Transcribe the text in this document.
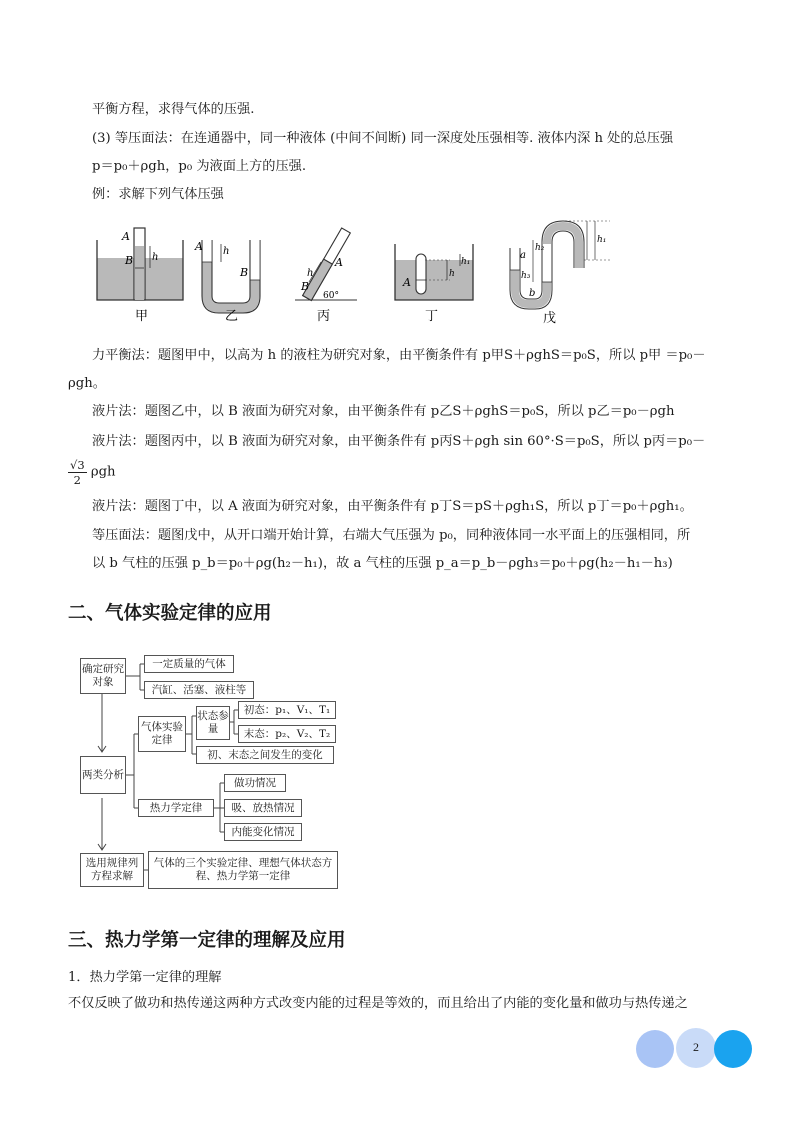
平衡方程，求得气体的压强.
(3) 等压面法：在连通器中，同一种液体 (中间不间断) 同一深度处压强相等. 液体内深 h 处的总压强
p＝p₀＋ρgh，p₀ 为液面上方的压强.
例：求解下列气体压强
A
B h
A
B
h
h
A
B
60°
A
h
h₁
a
b
h₂
h₁
h₃
甲	乙	丙	丁	戊
力平衡法：题图甲中，以高为 h 的液柱为研究对象，由平衡条件有 p甲S＋ρghS＝p₀S，所以 p甲 ＝p₀－
ρgh。
液片法：题图乙中，以 B 液面为研究对象，由平衡条件有 p乙S＋ρghS＝p₀S，所以 p乙＝p₀－ρgh
液片法：题图丙中，以 B 液面为研究对象，由平衡条件有 p丙S＋ρgh sin 60°·S＝p₀S，所以 p丙＝p₀－
$\frac{√3}{2}$ ρgh
液片法：题图丁中，以 A 液面为研究对象，由平衡条件有 p丁S＝pS＋ρgh₁S，所以 p丁＝p₀＋ρgh₁。
等压面法：题图戊中，从开口端开始计算，右端大气压强为 p₀，同种液体同一水平面上的压强相同，所
以 b 气柱的压强 p_b＝p₀＋ρg(h₂－h₁)，故 a 气柱的压强 p_a＝p_b－ρgh₃＝p₀＋ρg(h₂－h₁－h₃)
二、气体实验定律的应用
确定研究对象
一定质量的气体
汽缸、活塞、液柱等
两类分析
气体实验定律
状态参量
初态：p₁、V₁、T₁
末态：p₂、V₂、T₂
初、末态之间发生的变化
热力学定律
做功情况
吸、放热情况
内能变化情况
选用规律列方程求解
气体的三个实验定律、理想气体状态方程、热力学第一定律
三、热力学第一定律的理解及应用
1．热力学第一定律的理解
不仅反映了做功和热传递这两种方式改变内能的过程是等效的，而且给出了内能的变化量和做功与热传递之
2
